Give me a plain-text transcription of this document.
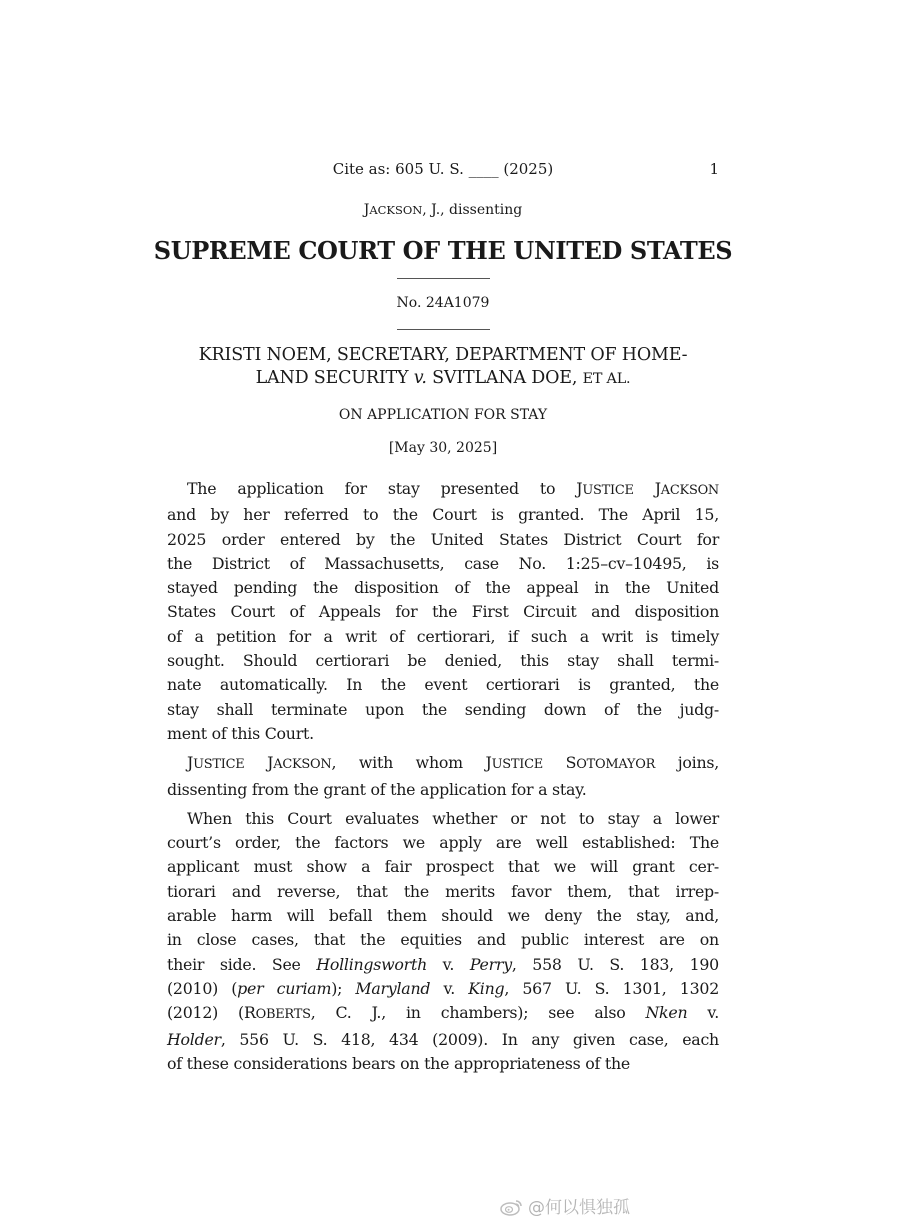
Cite as: 605 U. S. ____ (2025)	1
JACKSON, J., dissenting
SUPREME COURT OF THE UNITED STATES
No. 24A1079
KRISTI NOEM, SECRETARY, DEPARTMENT OF HOME-
LAND SECURITY v. SVITLANA DOE, ET AL.
ON APPLICATION FOR STAY
[May 30, 2025]
The application for stay presented to JUSTICE JACKSON
and by her referred to the Court is granted. The April 15,
2025 order entered by the United States District Court for
the District of Massachusetts, case No. 1:25–cv–10495, is
stayed pending the disposition of the appeal in the United
States Court of Appeals for the First Circuit and disposition
of a petition for a writ of certiorari, if such a writ is timely
sought. Should certiorari be denied, this stay shall termi-
nate automatically. In the event certiorari is granted, the
stay shall terminate upon the sending down of the judg-
ment of this Court.
JUSTICE JACKSON, with whom JUSTICE SOTOMAYOR joins,
dissenting from the grant of the application for a stay.
When this Court evaluates whether or not to stay a lower
court’s order, the factors we apply are well established: The
applicant must show a fair prospect that we will grant cer-
tiorari and reverse, that the merits favor them, that irrep-
arable harm will befall them should we deny the stay, and,
in close cases, that the equities and public interest are on
their side. See Hollingsworth v. Perry, 558 U. S. 183, 190
(2010) (per curiam); Maryland v. King, 567 U. S. 1301, 1302
(2012) (ROBERTS, C. J., in chambers); see also Nken v.
Holder, 556 U. S. 418, 434 (2009). In any given case, each
of these considerations bears on the appropriateness of the
@何以惧独孤
